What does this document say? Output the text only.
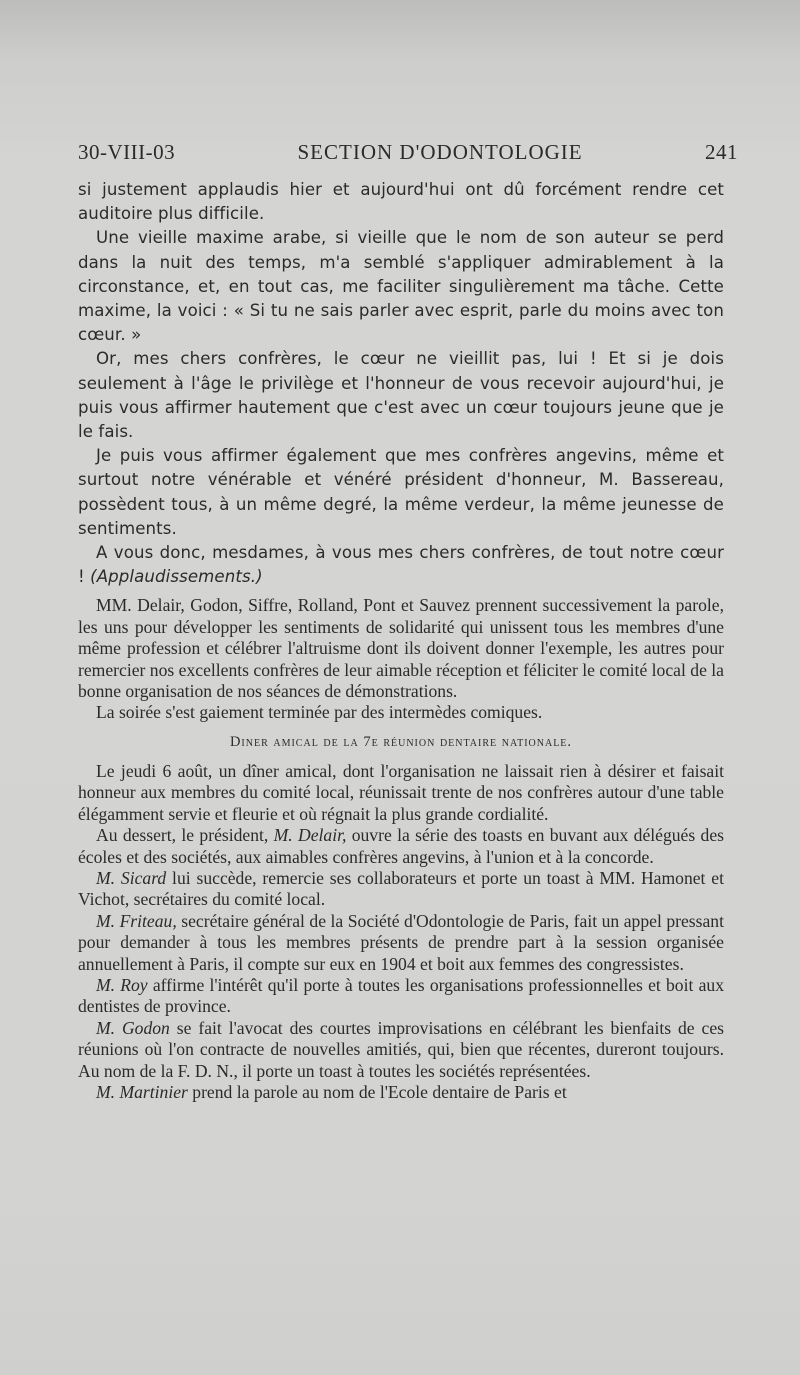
30-VIII-03	SECTION D'ODONTOLOGIE	241

si justement applaudis hier et aujourd'hui ont dû forcément rendre cet auditoire plus difficile.

Une vieille maxime arabe, si vieille que le nom de son auteur se perd dans la nuit des temps, m'a semblé s'appliquer admirablement à la circonstance, et, en tout cas, me faciliter singulièrement ma tâche. Cette maxime, la voici : « Si tu ne sais parler avec esprit, parle du moins avec ton cœur. »

Or, mes chers confrères, le cœur ne vieillit pas, lui ! Et si je dois seulement à l'âge le privilège et l'honneur de vous recevoir aujourd'hui, je puis vous affirmer hautement que c'est avec un cœur toujours jeune que je le fais.

Je puis vous affirmer également que mes confrères angevins, même et surtout notre vénérable et vénéré président d'honneur, M. Bassereau, possèdent tous, à un même degré, la même verdeur, la même jeunesse de sentiments.

A vous donc, mesdames, à vous mes chers confrères, de tout notre cœur ! (Applaudissements.)

MM. Delair, Godon, Siffre, Rolland, Pont et Sauvez prennent successivement la parole, les uns pour développer les sentiments de solidarité qui unissent tous les membres d'une même profession et célébrer l'altruisme dont ils doivent donner l'exemple, les autres pour remercier nos excellents confrères de leur aimable réception et féliciter le comité local de la bonne organisation de nos séances de démonstrations.

La soirée s'est gaiement terminée par des intermèdes comiques.

Diner amical de la 7e réunion dentaire nationale.

Le jeudi 6 août, un dîner amical, dont l'organisation ne laissait rien à désirer et faisait honneur aux membres du comité local, réunissait trente de nos confrères autour d'une table élégamment servie et fleurie et où régnait la plus grande cordialité.

Au dessert, le président, M. Delair, ouvre la série des toasts en buvant aux délégués des écoles et des sociétés, aux aimables confrères angevins, à l'union et à la concorde.

M. Sicard lui succède, remercie ses collaborateurs et porte un toast à MM. Hamonet et Vichot, secrétaires du comité local.

M. Friteau, secrétaire général de la Société d'Odontologie de Paris, fait un appel pressant pour demander à tous les membres présents de prendre part à la session organisée annuellement à Paris, il compte sur eux en 1904 et boit aux femmes des congressistes.

M. Roy affirme l'intérêt qu'il porte à toutes les organisations professionnelles et boit aux dentistes de province.

M. Godon se fait l'avocat des courtes improvisations en célébrant les bienfaits de ces réunions où l'on contracte de nouvelles amitiés, qui, bien que récentes, dureront toujours. Au nom de la F. D. N., il porte un toast à toutes les sociétés représentées.

M. Martinier prend la parole au nom de l'Ecole dentaire de Paris et
